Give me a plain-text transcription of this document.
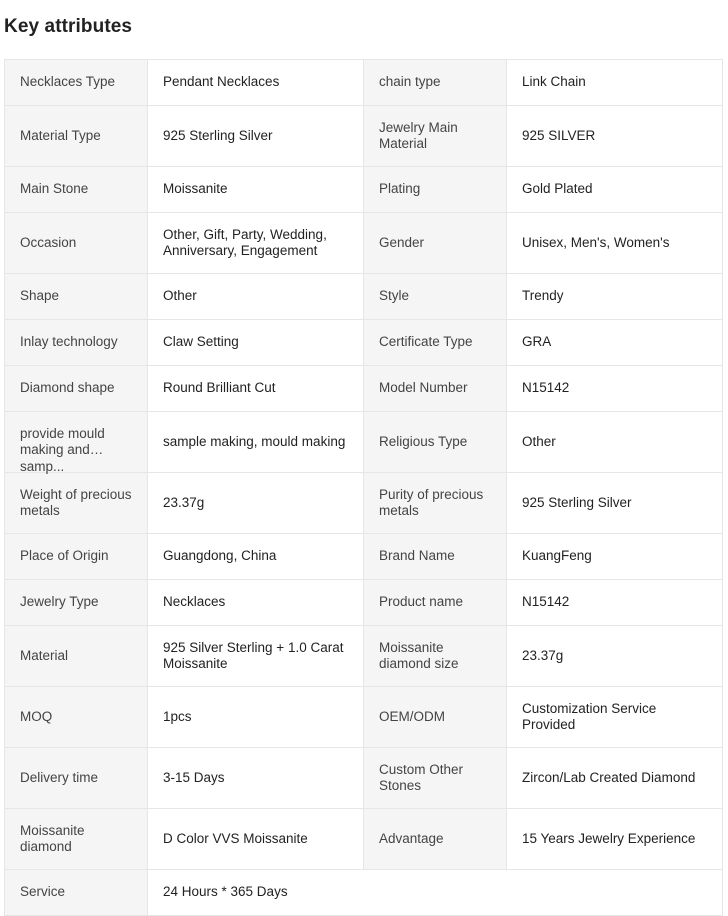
Key attributes
Necklaces Type	Pendant Necklaces	chain type	Link Chain
Material Type	925 Sterling Silver	Jewelry Main Material	925 SILVER
Main Stone	Moissanite	Plating	Gold Plated
Occasion	Other, Gift, Party, Wedding, Anniversary, Engagement	Gender	Unisex, Men's, Women's
Shape	Other	Style	Trendy
Inlay technology	Claw Setting	Certificate Type	GRA
Diamond shape	Round Brilliant Cut	Model Number	N15142

provide mould making and samp...	sample making, mould making	Religious Type	Other
Weight of precious metals	23.37g	Purity of precious metals	925 Sterling Silver
Place of Origin	Guangdong, China	Brand Name	KuangFeng
Jewelry Type	Necklaces	Product name	N15142
Material	925 Silver Sterling + 1.0 Carat Moissanite	Moissanite diamond size	23.37g
MOQ	1pcs	OEM/ODM	Customization Service Provided
Delivery time	3-15 Days	Custom Other Stones	Zircon/Lab Created Diamond
Moissanite diamond	D Color VVS Moissanite	Advantage	15 Years Jewelry Experience
Service	24 Hours * 365 Days		
